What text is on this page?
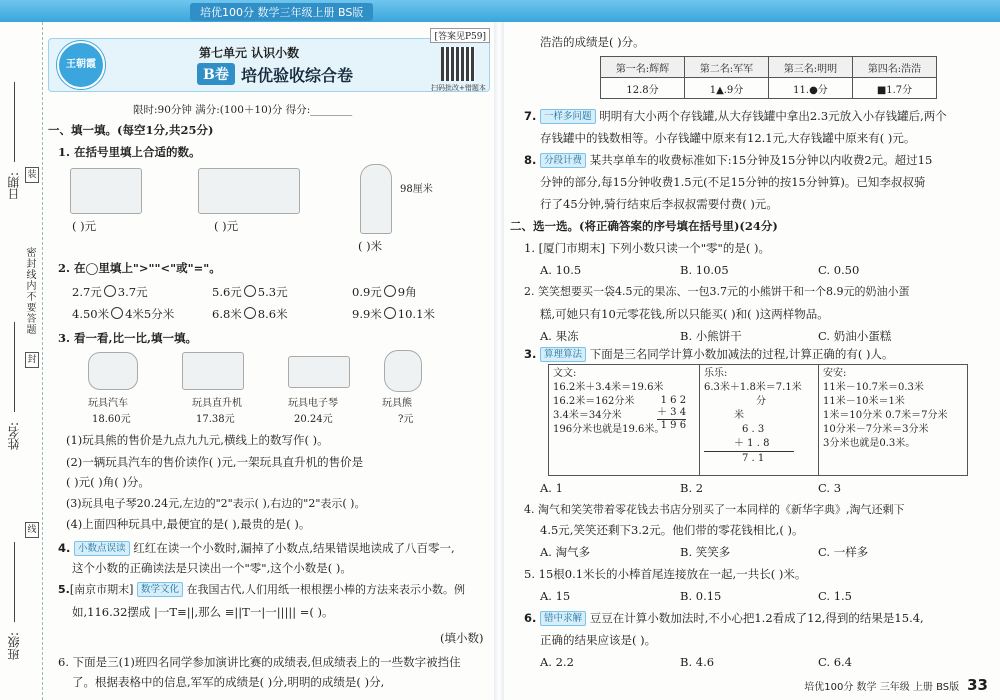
培优100分 数学三年级上册 BS版
日期: 装
密封线内不要答题
封
姓名:
线
班级:
王朝霞
第七单元 认识小数
B卷 培优验收综合卷
扫码批改+错题本
[答案见P59]
限时:90分钟 满分:(100＋10)分 得分:________
一、填一填。(每空1分,共25分)
1. 在括号里填上合适的数。
98厘米
( )元	( )元
( )米
2. 在◯里填上">""<"或"="。
2.7元 3.7元	5.6元 5.3元	0.9元 9角
4.50米 4米5分米	6.8米 8.6米	9.9米 10.1米
3. 看一看,比一比,填一填。
玩具汽车	玩具直升机	玩具电子琴	玩具熊
18.60元	17.38元	20.24元	?元
(1)玩具熊的售价是九点九九元,横线上的数写作( )。
(2)一辆玩具汽车的售价读作( )元,一架玩具直升机的售价是
( )元( )角( )分。
(3)玩具电子琴20.24元,左边的"2"表示( ),右边的"2"表示( )。
(4)上面四种玩具中,最便宜的是( ),最贵的是( )。
4. 小数点误读 红红在读一个小数时,漏掉了小数点,结果错误地读成了八百零一,
这个小数的正确读法是只读出一个"零",这个小数是( )。
5.[南京市期末] 数学文化 在我国古代,人们用纸一根根摆小棒的方法来表示小数。例
如,116.32摆成 |一T≡||,那么 ≡||T一|一||||| =( )。
(填小数)
6. 下面是三(1)班四名同学参加演讲比赛的成绩表,但成绩表上的一些数字被挡住
了。根据表格中的信息,军军的成绩是( )分,明明的成绩是( )分,
浩浩的成绩是( )分。
第一名:辉辉	第二名:军军	第三名:明明	第四名:浩浩
12.8分	1▲.9分	11.●分	■1.7分
7. 一样多问题 明明有大小两个存钱罐,从大存钱罐中拿出2.3元放入小存钱罐后,两个
存钱罐中的钱数相等。小存钱罐中原来有12.1元,大存钱罐中原来有( )元。
8. 分段计费 某共享单车的收费标准如下:15分钟及15分钟以内收费2元。超过15
分钟的部分,每15分钟收费1.5元(不足15分钟的按15分钟算)。已知李叔叔骑
行了45分钟,骑行结束后李叔叔需要付费( )元。
二、选一选。(将正确答案的序号填在括号里)(24分)
1. [厦门市期末] 下列小数只读一个"零"的是( )。
A. 10.5	B. 10.05	C. 0.50
2. 笑笑想要买一袋4.5元的果冻、一包3.7元的小熊饼干和一个8.9元的奶油小蛋
糕,可她只有10元零花钱,所以只能买( )和( )这两样物品。
A. 果冻	B. 小熊饼干	C. 奶油小蛋糕
3. 算理算法 下面是三名同学计算小数加减法的过程,计算正确的有( )人。
文文:
16.2米＋3.4米＝19.6米
16.2米＝162分米
3.4米＝34分米
196分米也就是19.6米。
1 6 2
＋ 3 4
1 9 6
乐乐:
6.3米＋1.8米＝7.1米
分
米
6 . 3
＋ 1 . 8
7 . 1
安安:
11米－10.7米＝0.3米
11米－10米＝1米
1米＝10分米 0.7米＝7分米
10分米－7分米＝3分米
3分米也就是0.3米。
A. 1	B. 2	C. 3
4. 淘气和笑笑带着零花钱去书店分别买了一本同样的《新华字典》,淘气还剩下
4.5元,笑笑还剩下3.2元。他们带的零花钱相比,( )。
A. 淘气多	B. 笑笑多	C. 一样多
5. 15根0.1米长的小棒首尾连接放在一起,一共长( )米。
A. 15	B. 0.15	C. 1.5
6. 错中求解 豆豆在计算小数加法时,不小心把1.2看成了12,得到的结果是15.4,
正确的结果应该是( )。
A. 2.2	B. 4.6	C. 6.4
培优100分 数学 三年级 上册 BS版 33
